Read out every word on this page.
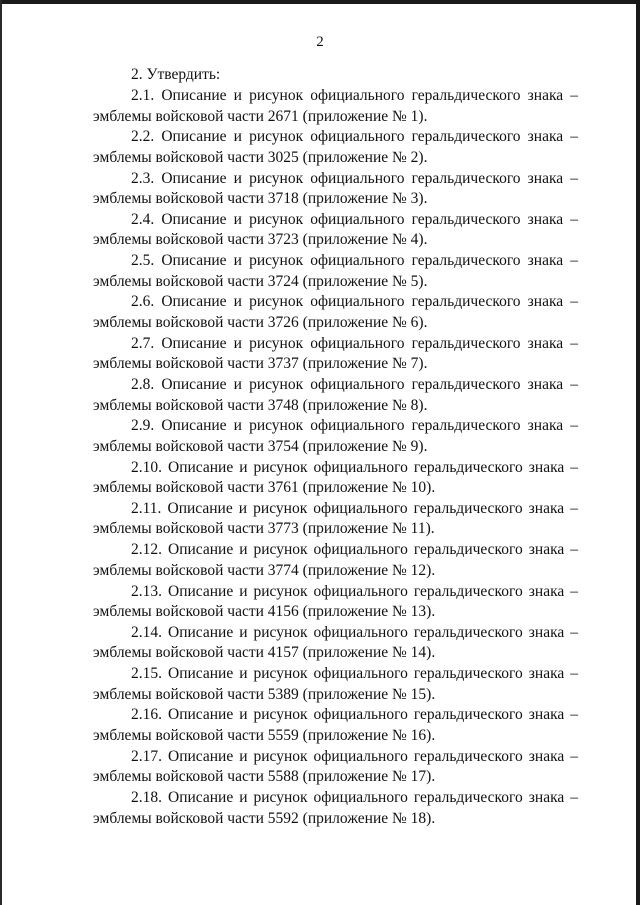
2
2. Утвердить:
2.1. Описание и рисунок официального геральдического знака –
эмблемы войсковой части 2671 (приложение № 1).
2.2. Описание и рисунок официального геральдического знака –
эмблемы войсковой части 3025 (приложение № 2).
2.3. Описание и рисунок официального геральдического знака –
эмблемы войсковой части 3718 (приложение № 3).
2.4. Описание и рисунок официального геральдического знака –
эмблемы войсковой части 3723 (приложение № 4).
2.5. Описание и рисунок официального геральдического знака –
эмблемы войсковой части 3724 (приложение № 5).
2.6. Описание и рисунок официального геральдического знака –
эмблемы войсковой части 3726 (приложение № 6).
2.7. Описание и рисунок официального геральдического знака –
эмблемы войсковой части 3737 (приложение № 7).
2.8. Описание и рисунок официального геральдического знака –
эмблемы войсковой части 3748 (приложение № 8).
2.9. Описание и рисунок официального геральдического знака –
эмблемы войсковой части 3754 (приложение № 9).
2.10. Описание и рисунок официального геральдического знака –
эмблемы войсковой части 3761 (приложение № 10).
2.11. Описание и рисунок официального геральдического знака –
эмблемы войсковой части 3773 (приложение № 11).
2.12. Описание и рисунок официального геральдического знака –
эмблемы войсковой части 3774 (приложение № 12).
2.13. Описание и рисунок официального геральдического знака –
эмблемы войсковой части 4156 (приложение № 13).
2.14. Описание и рисунок официального геральдического знака –
эмблемы войсковой части 4157 (приложение № 14).
2.15. Описание и рисунок официального геральдического знака –
эмблемы войсковой части 5389 (приложение № 15).
2.16. Описание и рисунок официального геральдического знака –
эмблемы войсковой части 5559 (приложение № 16).
2.17. Описание и рисунок официального геральдического знака –
эмблемы войсковой части 5588 (приложение № 17).
2.18. Описание и рисунок официального геральдического знака –
эмблемы войсковой части 5592 (приложение № 18).
